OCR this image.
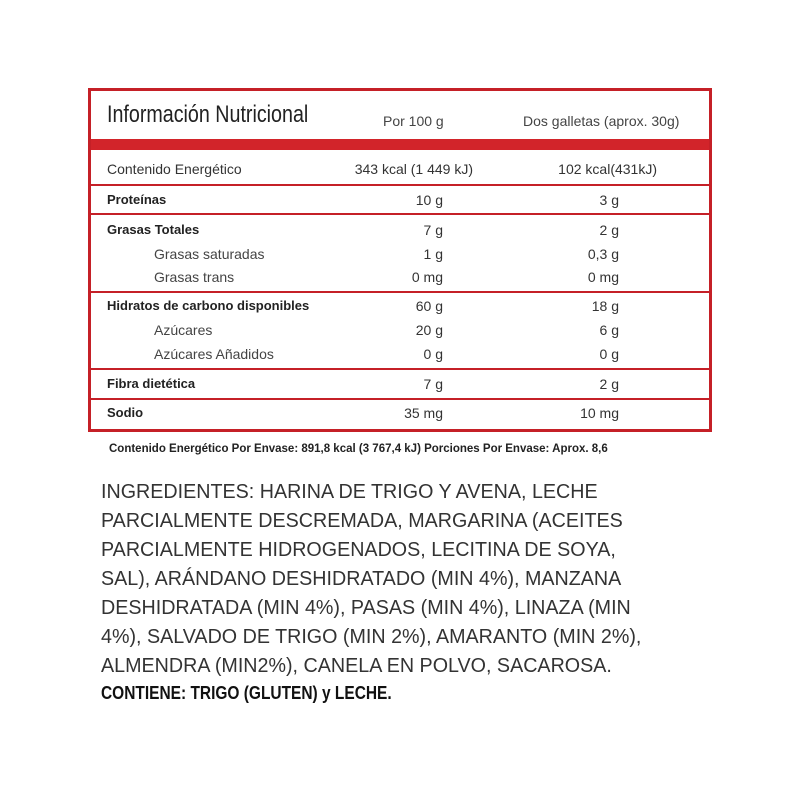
Información Nutricional	Por 100 g	Dos galletas (aprox. 30g)
Contenido Energético	343 kcal (1 449 kJ)	102 kcal(431kJ)
Proteínas	10 g	3 g
Grasas Totales	7 g	2 g
Grasas saturadas	1 g	0,3 g
Grasas trans	0 mg	0 mg
Hidratos de carbono disponibles	60 g	18 g
Azúcares	20 g	6 g
Azúcares Añadidos	0 g	0 g
Fibra dietética	7 g	2 g
Sodio	35 mg	10 mg
Contenido Energético Por Envase: 891,8 kcal (3 767,4 kJ) Porciones Por Envase: Aprox. 8,6
INGREDIENTES: HARINA DE TRIGO Y AVENA, LECHE
PARCIALMENTE DESCREMADA, MARGARINA (ACEITES
PARCIALMENTE HIDROGENADOS, LECITINA DE SOYA,
SAL), ARÁNDANO DESHIDRATADO (MIN 4%), MANZANA
DESHIDRATADA (MIN 4%), PASAS (MIN 4%), LINAZA (MIN
4%), SALVADO DE TRIGO (MIN 2%), AMARANTO (MIN 2%),
ALMENDRA (MIN2%), CANELA EN POLVO, SACAROSA.
CONTIENE: TRIGO (GLUTEN) y LECHE.
